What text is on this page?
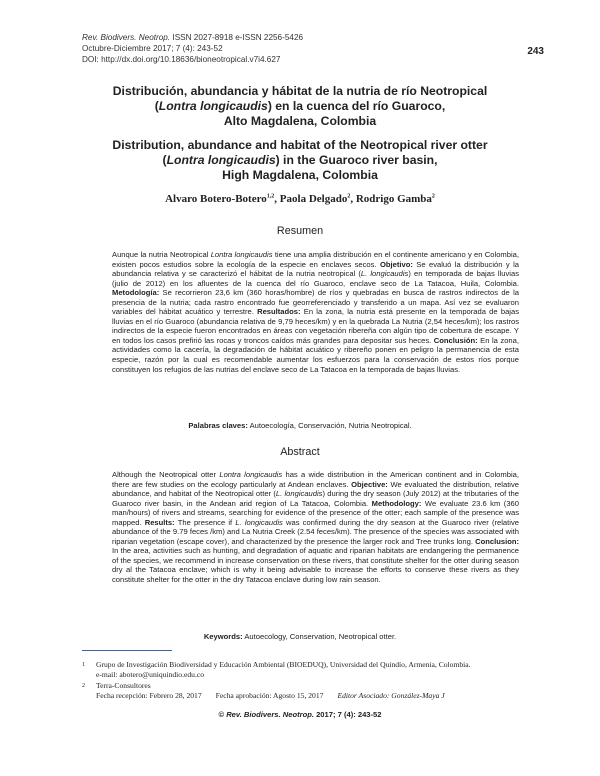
Rev. Biodivers. Neotrop. ISSN 2027-8918 e-ISSN 2256-5426
Octubre-Diciembre 2017; 7 (4): 243-52
DOI: http://dx.doi.org/10.18636/bioneotropical.v7i4.627
243
Distribución, abundancia y hábitat de la nutria de río Neotropical
(Lontra longicaudis) en la cuenca del río Guaroco,
Alto Magdalena, Colombia
Distribution, abundance and habitat of the Neotropical river otter
(Lontra longicaudis) in the Guaroco river basin,
High Magdalena, Colombia
Alvaro Botero-Botero$^{1,2}$, Paola Delgado$^2$, Rodrigo Gamba$^2$
Resumen
Aunque la nutria Neotropical Lontra longicaudis tiene una amplia distribución en el continente americano y en Colombia, existen pocos estudios sobre la ecología de la especie en enclaves secos. Objetivo: Se evaluó la distribución y la abundancia relativa y se caracterizó el hábitat de la nutria neotropical (L. longicaudis) en temporada de bajas lluvias (julio de 2012) en los afluentes de la cuenca del río Guaroco, enclave seco de La Tatacoa, Huila, Colombia. Metodología: Se recorrieron 23,6 km (360 horas/hombre) de ríos y quebradas en busca de rastros indirectos de la presencia de la nutria; cada rastro encontrado fue georreferenciado y transferido a un mapa. Así vez se evaluaron variables del hábitat acuático y terrestre. Resultados: En la zona, la nutria está presente en la temporada de bajas lluvias en el río Guaroco (abundancia relativa de 9,79 heces/km) y en la quebrada La Nutria (2,54 heces/km); los rastros indirectos de la especie fueron encontrados en áreas con vegetación ribereña con algún tipo de cobertura de escape. Y en todos los casos prefirió las rocas y troncos caídos más grandes para depositar sus heces. Conclusión: En la zona, actividades como la cacería, la degradación de hábitat acuático y ribereño ponen en peligro la permanencia de esta especie, razón por la cual es recomendable aumentar los esfuerzos para la conservación de estos ríos porque constituyen los refugios de las nutrias del enclave seco de La Tatacoa en la temporada de bajas lluvias.
Palabras claves: Autoecología, Conservación, Nutria Neotropical.
Abstract
Although the Neotropical otter Lontra longicaudis has a wide distribution in the American continent and in Colombia, there are few studies on the ecology particularly at Andean enclaves. Objective: We evaluated the distribution, relative abundance, and habitat of the Neotropical otter (L. longicaudis) during the dry season (July 2012) at the tributaries of the Guaroco river basin, in the Andean arid region of La Tatacoa, Colombia. Methodology: We evaluate 23.6 km (360 man/hours) of rivers and streams, searching for evidence of the presence of the otter; each sample of the presence was mapped. Results: The presence if L. longicaudis was confirmed during the dry season at the Guaroco river (relative abundance of the 9.79 feces /km) and La Nutria Creek (2.54 feces/km). The presence of the species was associated with riparian vegetation (escape cover), and characterized by the presence the larger rock and Tree trunks long. Conclusion: In the area, activities such as hunting, and degradation of aquatic and riparian habitats are endangering the permanence of the species, we recommend in increase conservation on these rivers, that constitute shelter for the otter during season dry al the Tatacoa enclave; which is why it being advisable to increase the efforts to conserve these rivers as they constitute shelter for the otter in the dry Tatacoa enclave during low rain season.
Keywords: Autoecology, Conservation, Neotropical otter.
1 Grupo de Investigación Biodiversidad y Educación Ambiental (BIOEDUQ), Universidad del Quindío, Armenia, Colombia.
e-mail: abotero@uniquindio.edu.co
2 Terra-Consultores
Fecha recepción: Febrero 28, 2017 Fecha aprobación: Agosto 15, 2017 Editor Asociado: González-Maya J
© Rev. Biodivers. Neotrop. 2017; 7 (4): 243-52
